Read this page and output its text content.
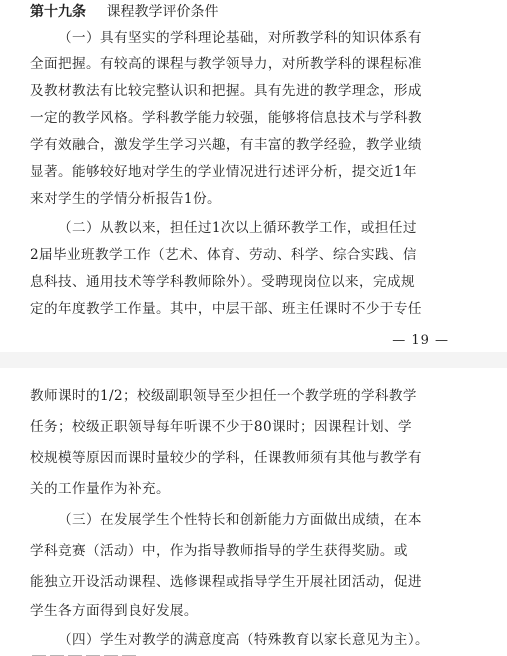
第十九条 课程教学评价条件
（一）具有坚实的学科理论基础，对所教学科的知识体系有
全面把握。有较高的课程与教学领导力，对所教学科的课程标准
及教材教法有比较完整认识和把握。具有先进的教学理念，形成
一定的教学风格。学科教学能力较强，能够将信息技术与学科教
学有效融合，激发学生学习兴趣，有丰富的教学经验，教学业绩
显著。能够较好地对学生的学业情况进行述评分析，提交近1年
来对学生的学情分析报告1份。
（二）从教以来，担任过1次以上循环教学工作，或担任过
2届毕业班教学工作（艺术、体育、劳动、科学、综合实践、信
息科技、通用技术等学科教师除外）。受聘现岗位以来，完成规
定的年度教学工作量。其中，中层干部、班主任课时不少于专任
— 19 —
教师课时的1/2；校级副职领导至少担任一个教学班的学科教学
任务；校级正职领导每年听课不少于80课时；因课程计划、学
校规模等原因而课时量较少的学科，任课教师须有其他与教学有
关的工作量作为补充。
（三）在发展学生个性特长和创新能力方面做出成绩，在本
学科竞赛（活动）中，作为指导教师指导的学生获得奖励。或
能独立开设活动课程、选修课程或指导学生开展社团活动，促进
学生各方面得到良好发展。
（四）学生对教学的满意度高（特殊教育以家长意见为主）。
